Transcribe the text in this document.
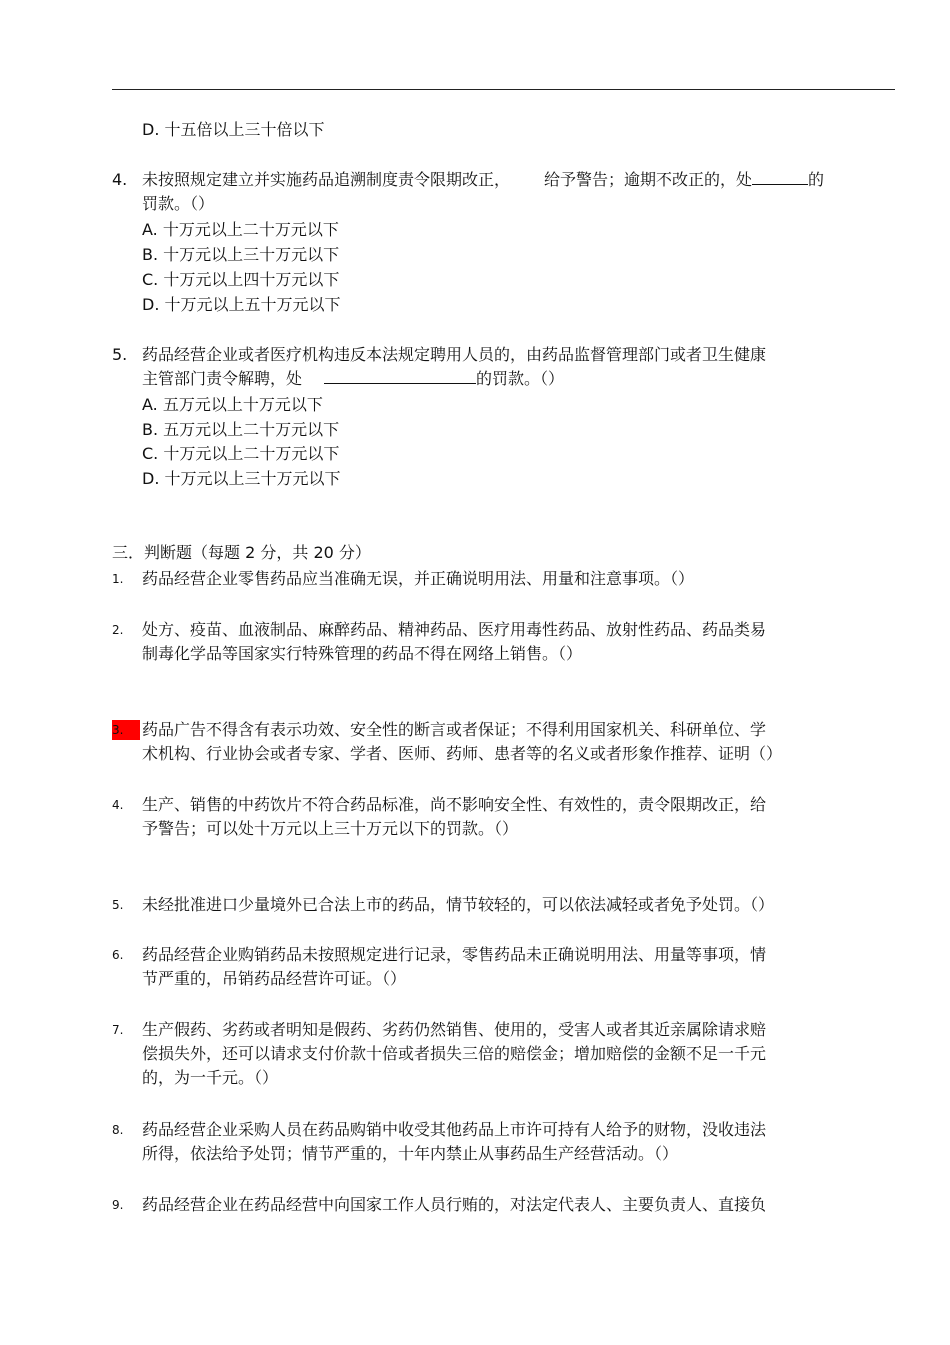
D. 十五倍以上三十倍以下
4. 未按照规定建立并实施药品追溯制度责令限期改正， 给予警告；逾期不改正的，处	的
罚款。（）
A. 十万元以上二十万元以下
B. 十万元以上三十万元以下
C. 十万元以上四十万元以下
D. 十万元以上五十万元以下
5. 药品经营企业或者医疗机构违反本法规定聘用人员的，由药品监督管理部门或者卫生健康
主管部门责令解聘，处	的罚款。（）
A. 五万元以上十万元以下
B. 五万元以上二十万元以下
C. 十万元以上二十万元以下
D. 十万元以上三十万元以下
三．判断题（每题 2 分，共 20 分）
1. 药品经营企业零售药品应当准确无误，并正确说明用法、用量和注意事项。（）
2. 处方、疫苗、血液制品、麻醉药品、精神药品、医疗用毒性药品、放射性药品、药品类易
制毒化学品等国家实行特殊管理的药品不得在网络上销售。（）
3. 药品广告不得含有表示功效、安全性的断言或者保证；不得利用国家机关、科研单位、学
术机构、行业协会或者专家、学者、医师、药师、患者等的名义或者形象作推荐、证明（）
4. 生产、销售的中药饮片不符合药品标准，尚不影响安全性、有效性的，责令限期改正，给
予警告；可以处十万元以上三十万元以下的罚款。（）
5. 未经批准进口少量境外已合法上市的药品，情节较轻的，可以依法减轻或者免予处罚。（）
6. 药品经营企业购销药品未按照规定进行记录，零售药品未正确说明用法、用量等事项，情
节严重的，吊销药品经营许可证。（）
7. 生产假药、劣药或者明知是假药、劣药仍然销售、使用的，受害人或者其近亲属除请求赔
偿损失外，还可以请求支付价款十倍或者损失三倍的赔偿金；增加赔偿的金额不足一千元
的，为一千元。（）
8. 药品经营企业采购人员在药品购销中收受其他药品上市许可持有人给予的财物，没收违法
所得，依法给予处罚；情节严重的，十年内禁止从事药品生产经营活动。（）
9. 药品经营企业在药品经营中向国家工作人员行贿的，对法定代表人、主要负责人、直接负
